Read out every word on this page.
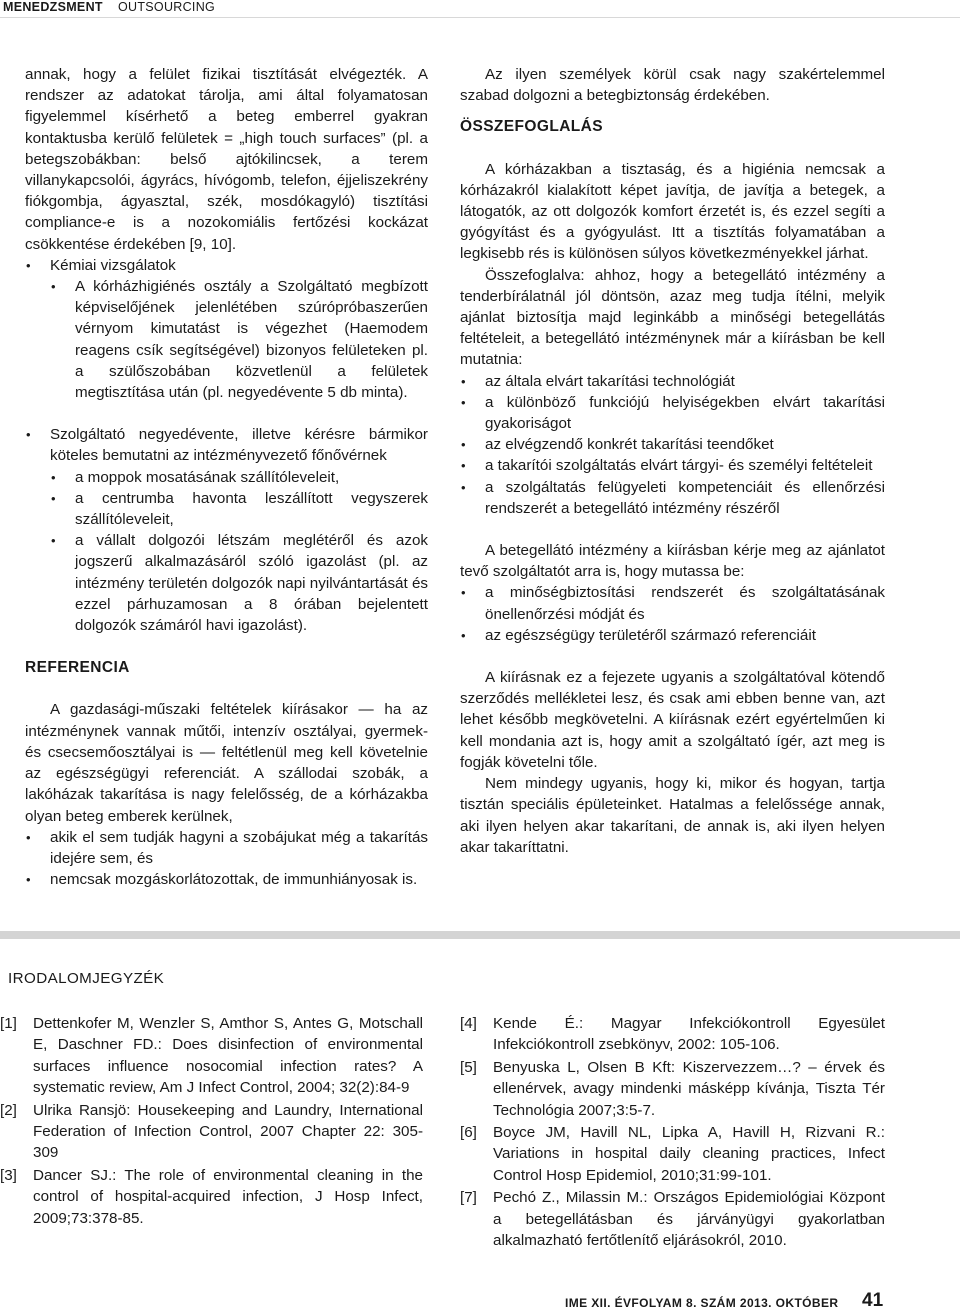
MENEDZSMENT OUTSOURCING

annak, hogy a felület fizikai tisztítását elvégezték. A rendszer az adatokat tárolja, ami által folyamatosan figyelemmel kísérhető a beteg emberrel gyakran kontaktusba kerülő felületek = „high touch surfaces” (pl. a betegszobákban: belső ajtókilincsek, a terem villanykapcsolói, ágyrács, hívógomb, telefon, éjjeliszekrény fiókgombja, ágyasztal, szék, mosdókagyló) tisztítási compliance-e is a nozokomiális fertőzési kockázat csökkentése érdekében [9, 10].

• Kémiai vizsgálatok
• A kórházhigiénés osztály a Szolgáltató megbízott képviselőjének jelenlétében szúrópróbaszerűen vérnyom kimutatást is végezhet (Haemodem reagens csík segítségével) bizonyos felületeken pl. a szülőszobában közvetlenül a felületek megtisztítása után (pl. negyedévente 5 db minta).
• Szolgáltató negyedévente, illetve kérésre bármikor köteles bemutatni az intézményvezető főnővérnek
• a moppok mosatásának szállítóleveleit,
• a centrumba havonta leszállított vegyszerek szállítóleveleit,
• a vállalt dolgozói létszám meglétéről és azok jogszerű alkalmazásáról szóló igazolást (pl. az intézmény területén dolgozók napi nyilvántartását és ezzel párhuzamosan a 8 órában bejelentett dolgozók számáról havi igazolást).
REFERENCIA

A gazdasági-műszaki feltételek kiírásakor — ha az intézménynek vannak műtői, intenzív osztályai, gyermek- és csecsemőosztályai is — feltétlenül meg kell követelnie az egészségügyi referenciát. A szállodai szobák, a lakóházak takarítása is nagy felelősség, de a kórházakba olyan beteg emberek kerülnek,

• akik el sem tudják hagyni a szobájukat még a takarítás idejére sem, és
• nemcsak mozgáskorlátozottak, de immunhiányosak is.

Az ilyen személyek körül csak nagy szakértelemmel szabad dolgozni a betegbiztonság érdekében.

ÖSSZEFOGLALÁS

A kórházakban a tisztaság, és a higiénia nemcsak a kórházakról kialakított képet javítja, de javítja a betegek, a látogatók, az ott dolgozók komfort érzetét is, és ezzel segíti a gyógyítást és a gyógyulást. Itt a tisztítás folyamatában a legkisebb rés is különösen súlyos következményekkel járhat.

Összefoglalva: ahhoz, hogy a betegellátó intézmény a tenderbírálatnál jól döntsön, azaz meg tudja ítélni, melyik ajánlat biztosítja majd leginkább a minőségi betegellátás feltételeit, a betegellátó intézménynek már a kiírásban be kell mutatnia:

• az általa elvárt takarítási technológiát
• a különböző funkciójú helyiségekben elvárt takarítási gyakoriságot
• az elvégzendő konkrét takarítási teendőket
• a takarítói szolgáltatás elvárt tárgyi- és személyi feltételeit
• a szolgáltatás felügyeleti kompetenciáit és ellenőrzési rendszerét a betegellátó intézmény részéről

A betegellátó intézmény a kiírásban kérje meg az ajánlatot tevő szolgáltatót arra is, hogy mutassa be:

• a minőségbiztosítási rendszerét és szolgáltatásának önellenőrzési módját és
• az egészségügy területéről származó referenciáit

A kiírásnak ez a fejezete ugyanis a szolgáltatóval kötendő szerződés mellékletei lesz, és csak ami ebben benne van, azt lehet később megkövetelni. A kiírásnak ezért egyértelműen ki kell mondania azt is, hogy amit a szolgáltató ígér, azt meg is fogják követelni tőle.

Nem mindegy ugyanis, hogy ki, mikor és hogyan, tartja tisztán speciális épületeinket. Hatalmas a felelőssége annak, aki ilyen helyen akar takarítani, de annak is, aki ilyen helyen akar takaríttatni.

IRODALOMJEGYZÉK
[1] Dettenkofer M, Wenzler S, Amthor S, Antes G, Motschall E, Daschner FD.: Does disinfection of environmental surfaces influence nosocomial infection rates? A systematic review, Am J Infect Control, 2004; 32(2):84-9
[2] Ulrika Ransjö: Housekeeping and Laundry, International Federation of Infection Control, 2007 Chapter 22: 305-309
[3] Dancer SJ.: The role of environmental cleaning in the control of hospital-acquired infection, J Hosp Infect, 2009;73:378-85.
[4] Kende É.: Magyar Infekciókontroll Egyesület Infekciókontroll zsebkönyv, 2002: 105-106.
[5] Benyuska L, Olsen B Kft: Kiszervezzem…? – érvek és ellenérvek, avagy mindenki másképp kívánja, Tiszta Tér Technológia 2007;3:5-7.
[6] Boyce JM, Havill NL, Lipka A, Havill H, Rizvani R.: Variations in hospital daily cleaning practices, Infect Control Hosp Epidemiol, 2010;31:99-101.
[7] Pechó Z., Milassin M.: Országos Epidemiológiai Központ a betegellátásban és járványügyi gyakorlatban alkalmazható fertőtlenítő eljárásokról, 2010.
IME XII. ÉVFOLYAM 8. SZÁM 2013. OKTÓBER 41
